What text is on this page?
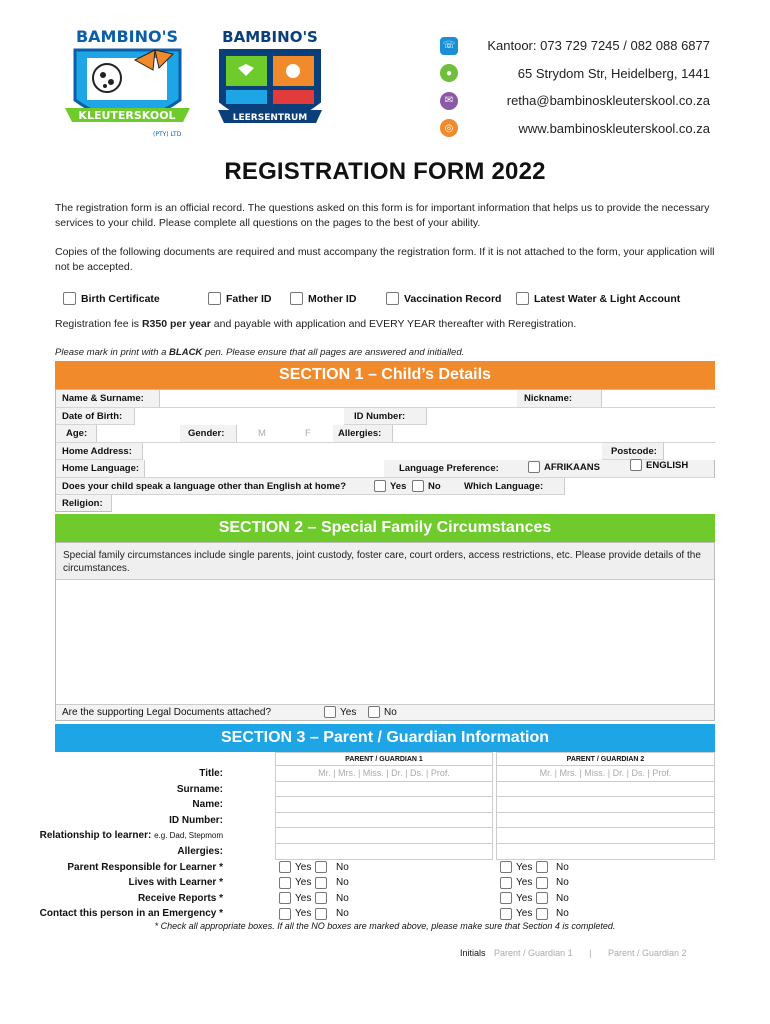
KLEUTERSKOOL
BAMBINO'S
(PTY) LTD
LEERSENTRUM
BAMBINO'S	☏ Kantoor: 073 729 7245 / 082 088 6877
●	65 Strydom Str, Heidelberg, 1441
✉	retha@bambinoskleuterskool.co.za
◎	www.bambinoskleuterskool.co.za
REGISTRATION FORM 2022

The registration form is an official record. The questions asked on this form is for important information that helps us to provide the necessary services to your child. Please complete all questions on the pages to the best of your ability.

Copies of the following documents are required and must accompany the registration form. If it is not attached to the form, your application will not be accepted.

Birth Certificate	Father ID	Mother ID	Vaccination Record	Latest Water & Light Account

Registration fee is R350 per year and payable with application and EVERY YEAR thereafter with Reregistration.

Please mark in print with a BLACK pen. Please ensure that all pages are answered and initialled.

SECTION 1 – Child’s Details
Name & Surname:	Nickname:
Date of Birth:	ID Number:
Age:	Gender:	M	F	Allergies:
Home Address:	Postcode:
Home Language:	Language Preference:	AFRIKAANS	ENGLISH
Does your child speak a language other than English at home?	Yes	No	Which Language:
Religion:
SECTION 2 – Special Family Circumstances
Special family circumstances include single parents, joint custody, foster care, court orders, access restrictions, etc. Please provide details of the circumstances.
Are the supporting Legal Documents attached?	Yes	No
SECTION 3 – Parent / Guardian Information
PARENT / GUARDIAN 1	PARENT / GUARDIAN 2
Title:	Mr. | Mrs. | Miss. | Dr. | Ds. | Prof.	Mr. | Mrs. | Miss. | Dr. | Ds. | Prof.
Surname:
Name:
ID Number:
Relationship to learner: e.g. Dad, Stepmom
Allergies:
Parent Responsible for Learner *	Yes No	Yes No
Lives with Learner *	Yes No	Yes No
Receive Reports *	Yes No	Yes No
Contact this person in an Emergency *	Yes No	Yes No
* Check all appropriate boxes. If all the NO boxes are marked above, please make sure that Section 4 is completed.
Initials Parent / Guardian 1 | Parent / Guardian 2
